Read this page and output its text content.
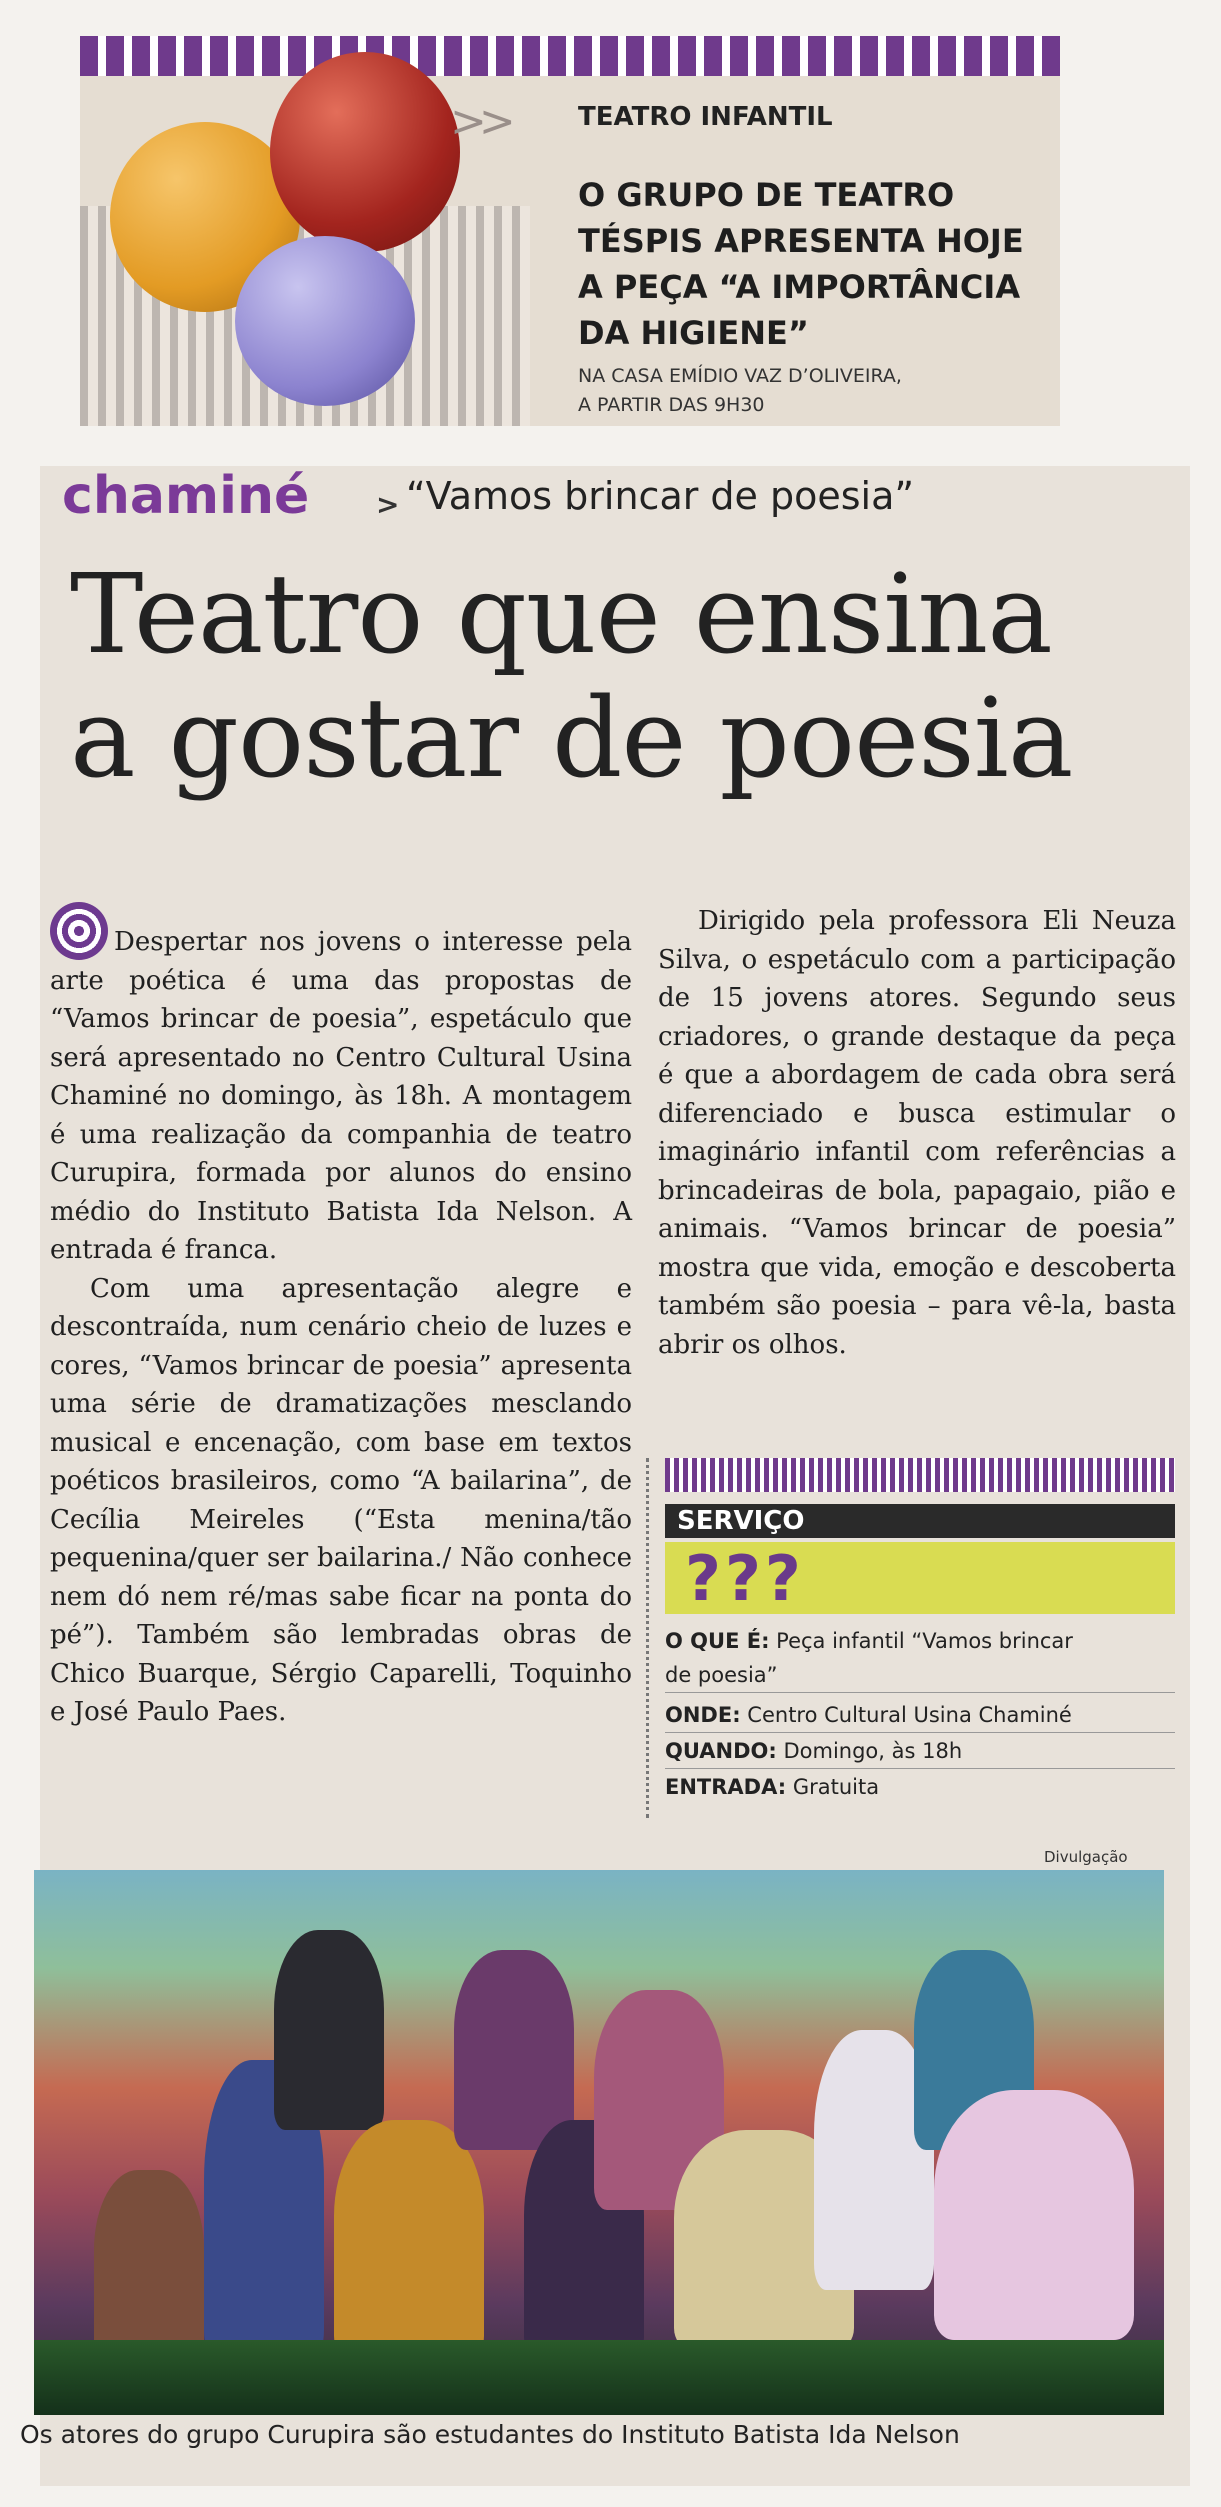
>>	TEATRO INFANTIL
O GRUPO DE TEATRO TÉSPIS APRESENTA HOJE A PEÇA “A IMPORTÂNCIA DA HIGIENE”
NA CASA EMÍDIO VAZ D’OLIVEIRA,
A PARTIR DAS 9H30
chaminé > “Vamos brincar de poesia”
Teatro que ensina
a gostar de poesia

Despertar nos jovens o interesse pela arte poética é uma das propostas de “Vamos brincar de poesia”, espetáculo que será apresentado no Centro Cultural Usina Chaminé no domingo, às 18h. A montagem é uma realização da companhia de teatro Curupira, formada por alunos do ensino médio do Instituto Batista Ida Nelson. A entrada é franca.

Com uma apresentação alegre e descontraída, num cenário cheio de luzes e cores, “Vamos brincar de poesia” apresenta uma série de dramatizações mesclando musical e encenação, com base em textos poéticos brasileiros, como “A bailarina”, de Cecília Meireles (“Esta menina/tão pequenina/quer ser bailarina./ Não conhece nem dó nem ré/mas sabe ficar na ponta do pé”). Também são lembradas obras de Chico Buarque, Sérgio Caparelli, Toquinho e José Paulo Paes.

Dirigido pela professora Eli Neuza Silva, o espetáculo com a participação de 15 jovens atores. Segundo seus criadores, o grande destaque da peça é que a abordagem de cada obra será diferenciado e busca estimular o imaginário infantil com referências a brincadeiras de bola, papagaio, pião e animais. “Vamos brincar de poesia” mostra que vida, emoção e descoberta também são poesia – para vê-la, basta abrir os olhos.

SERVIÇO
???
O QUE É: Peça infantil “Vamos brincar
de poesia”
ONDE: Centro Cultural Usina Chaminé
QUANDO: Domingo, às 18h
ENTRADA: Gratuita
Divulgação
Os atores do grupo Curupira são estudantes do Instituto Batista Ida Nelson
